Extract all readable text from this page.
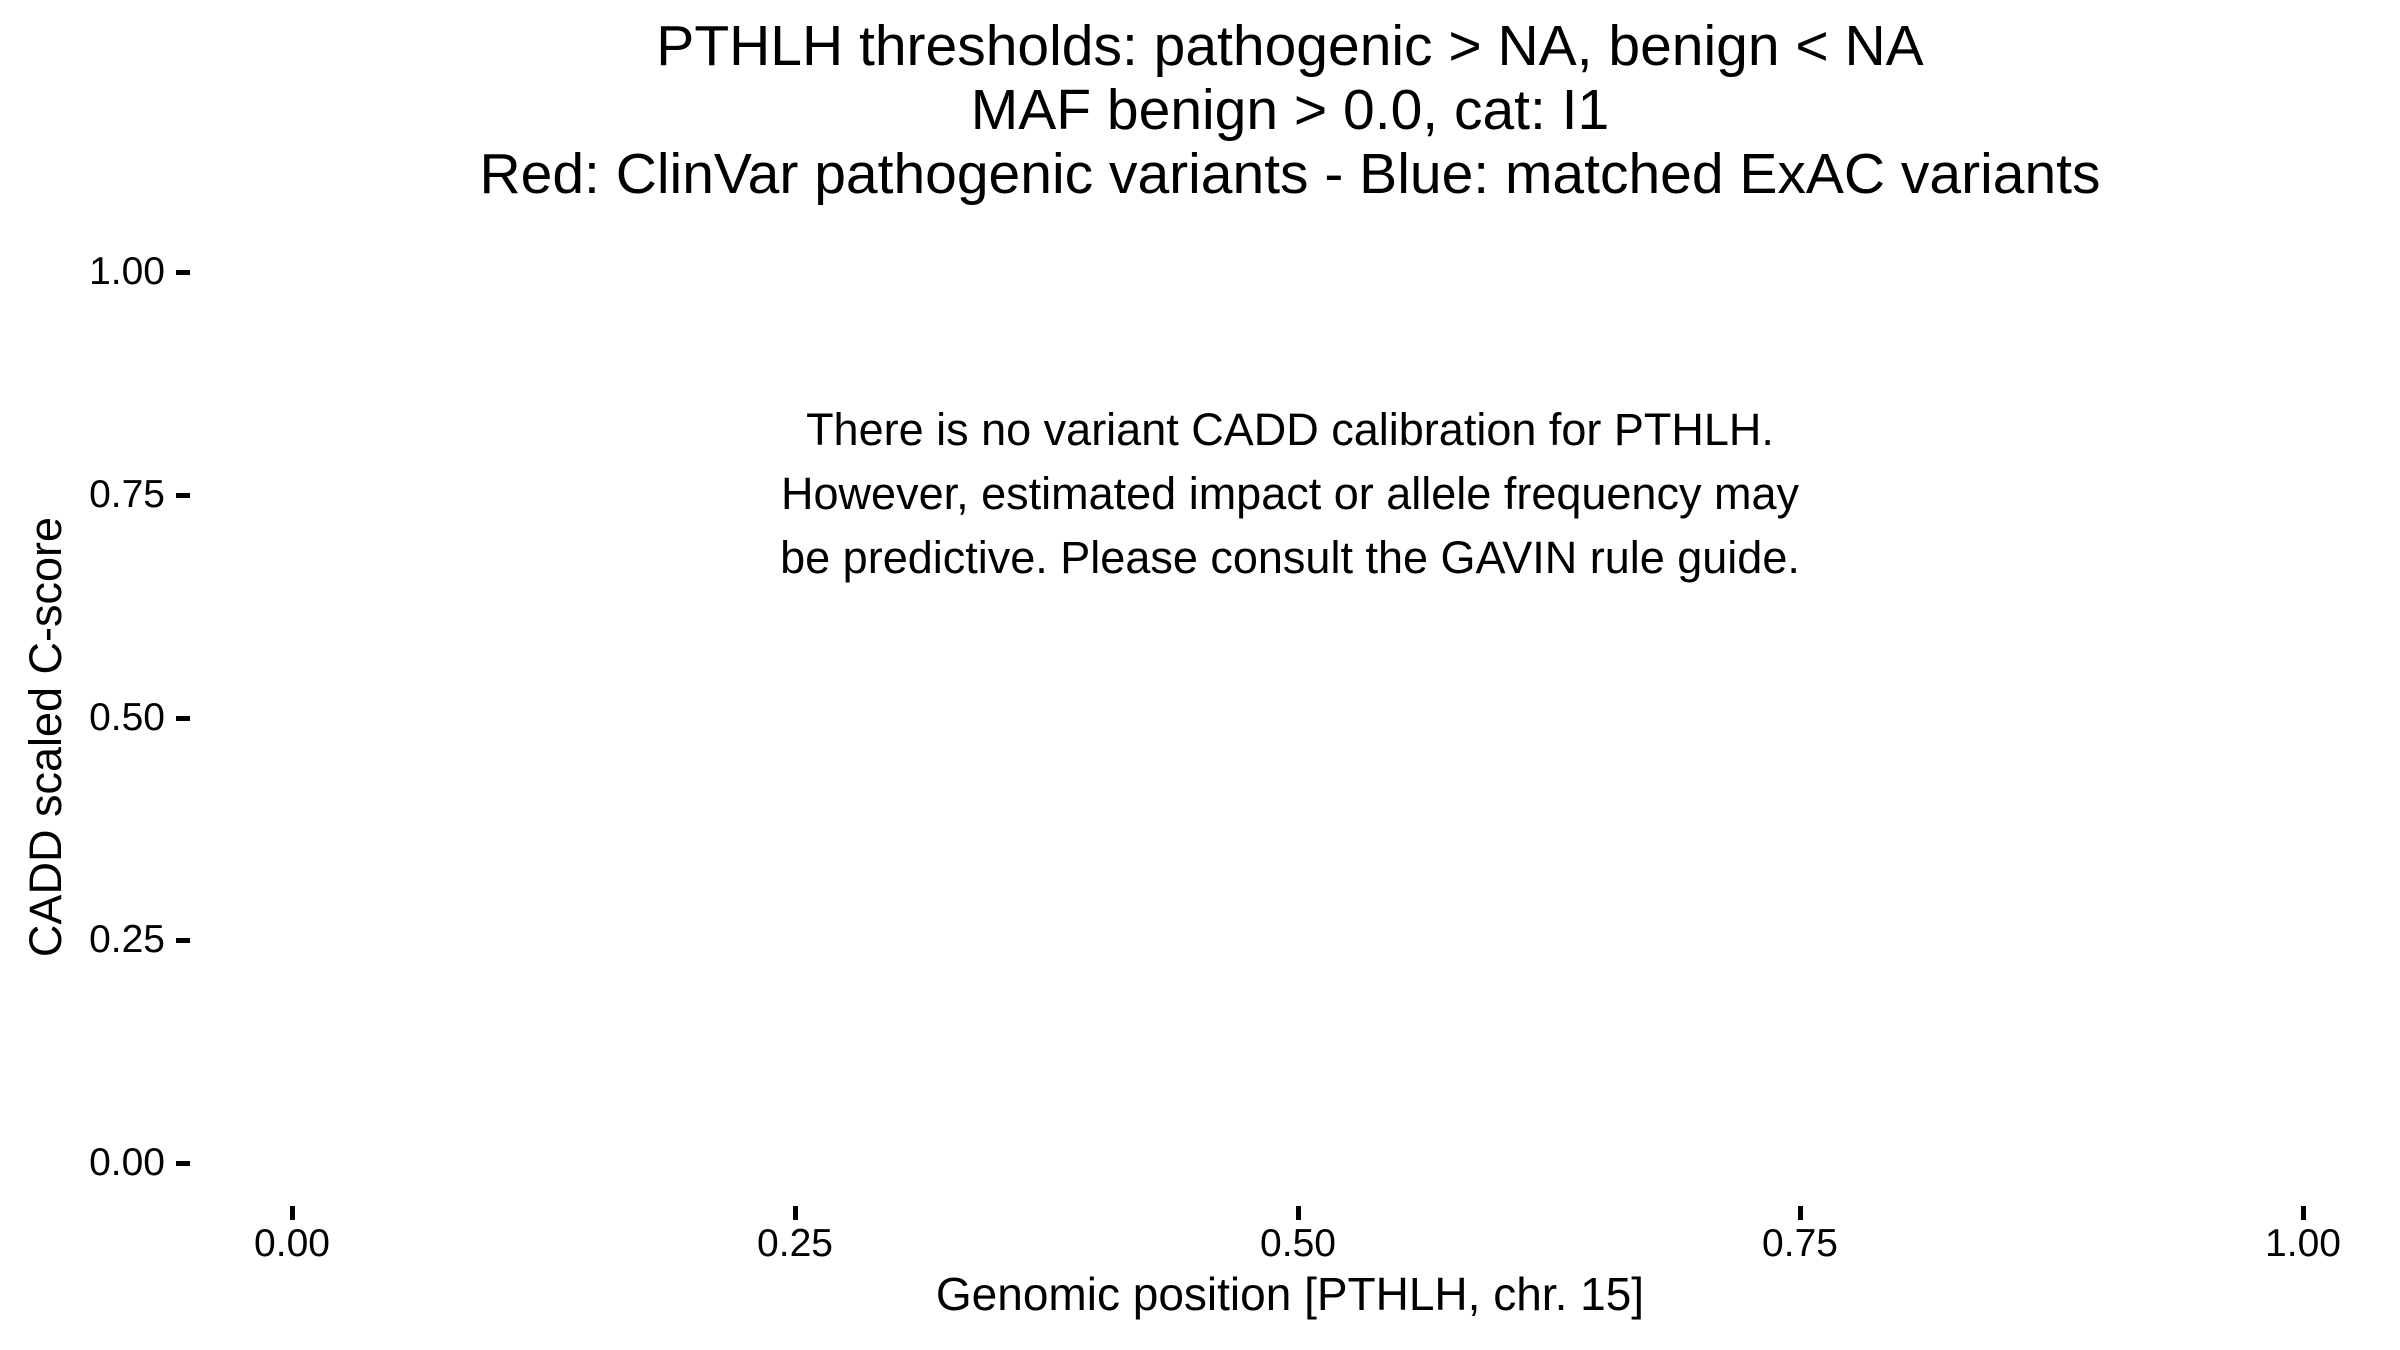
PTHLH thresholds: pathogenic > NA, benign < NA
MAF benign > 0.0, cat: I1
Red: ClinVar pathogenic variants - Blue: matched ExAC variants
There is no variant CADD calibration for PTHLH.
However, estimated impact or allele frequency may
be predictive. Please consult the GAVIN rule guide.
CADD scaled C-score
1.00
0.75
0.50
0.25
0.00
0.00	0.25	0.50	0.75	1.00
Genomic position [PTHLH, chr. 15]
